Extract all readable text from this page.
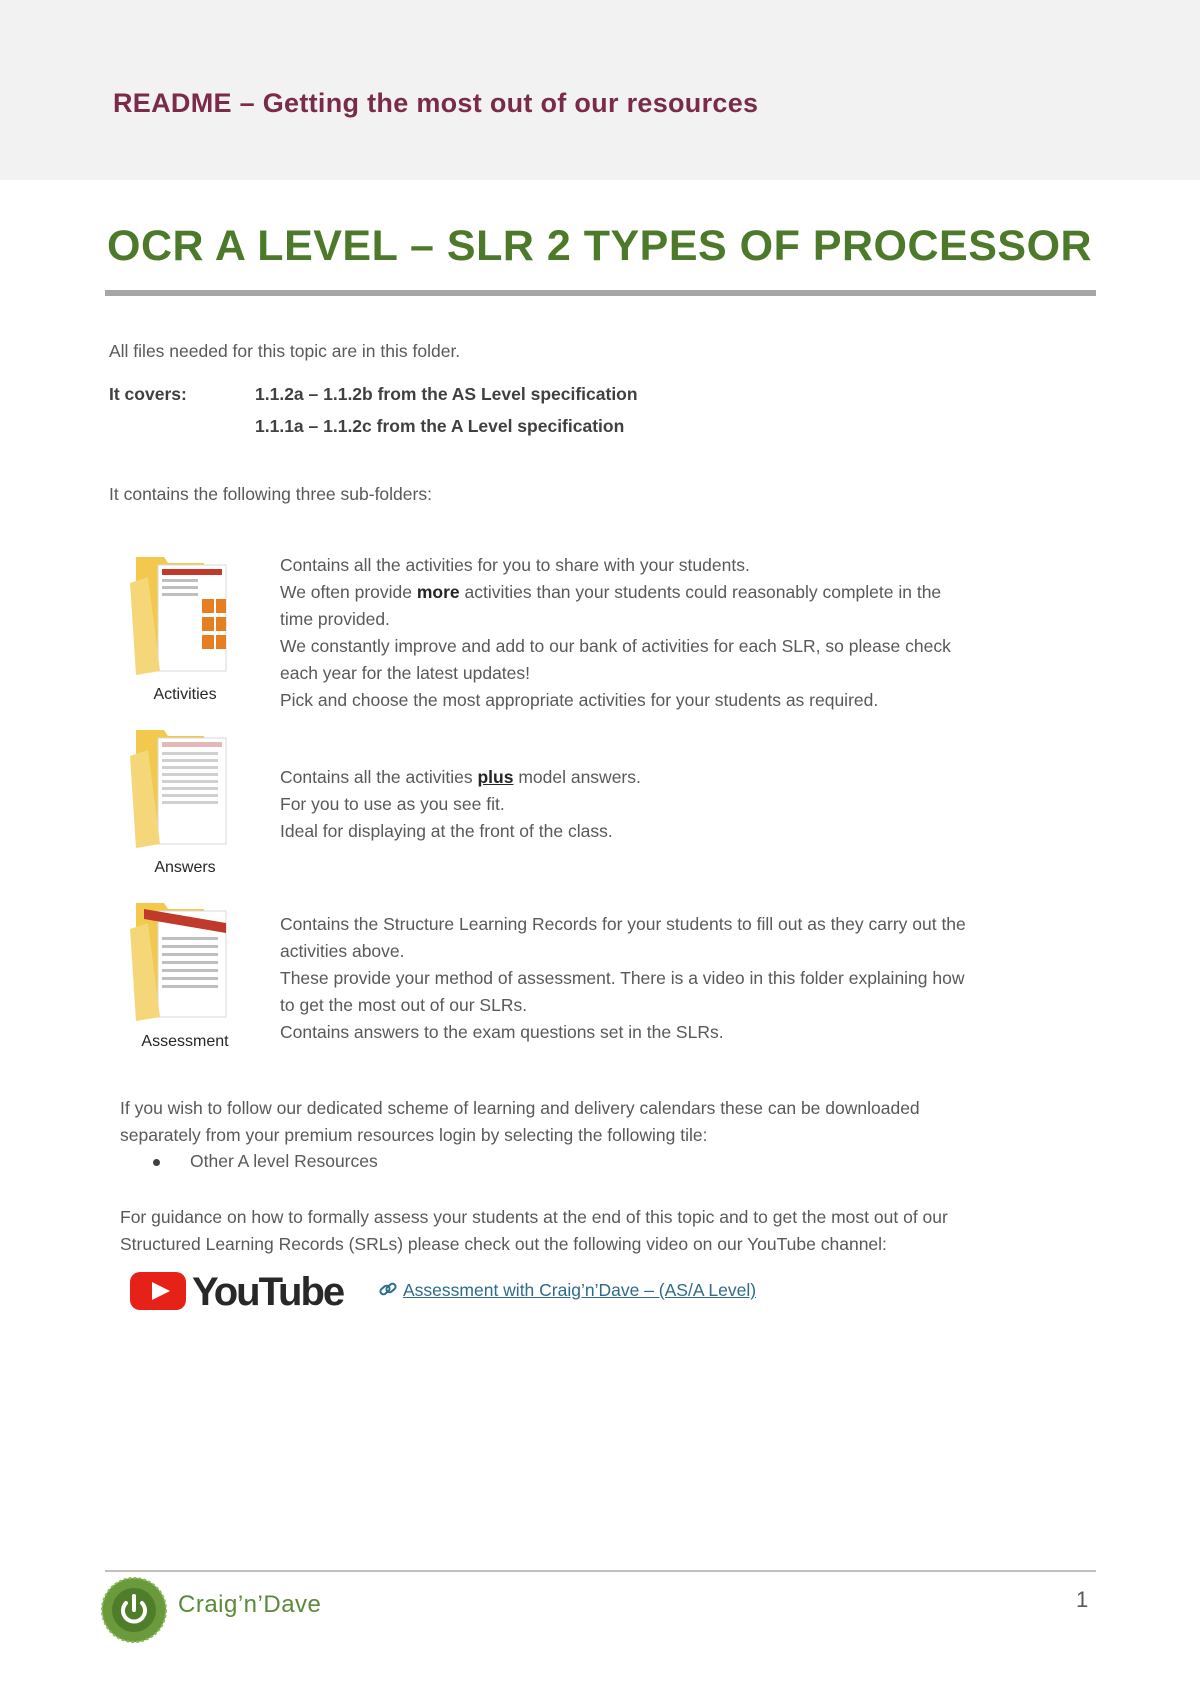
README – Getting the most out of our resources
OCR A LEVEL – SLR 2 TYPES OF PROCESSOR
All files needed for this topic are in this folder.
It covers:	1.1.2a – 1.1.2b from the AS Level specification
1.1.1a – 1.1.2c from the A Level specification
It contains the following three sub-folders:
Activities
Contains all the activities for you to share with your students.
We often provide more activities than your students could reasonably complete in the
time provided.
We constantly improve and add to our bank of activities for each SLR, so please check
each year for the latest updates!
Pick and choose the most appropriate activities for your students as required.
Answers
Contains all the activities plus model answers.
For you to use as you see fit.
Ideal for displaying at the front of the class.
Assessment
Contains the Structure Learning Records for your students to fill out as they carry out the
activities above.
These provide your method of assessment. There is a video in this folder explaining how
to get the most out of our SLRs.
Contains answers to the exam questions set in the SLRs.
If you wish to follow our dedicated scheme of learning and delivery calendars these can be downloaded
separately from your premium resources login by selecting the following tile:
Other A level Resources
For guidance on how to formally assess your students at the end of this topic and to get the most out of our
Structured Learning Records (SRLs) please check out the following video on our YouTube channel:
YouTube	Assessment with Craig’n’Dave – (AS/A Level)
Craig’n’Dave	1
